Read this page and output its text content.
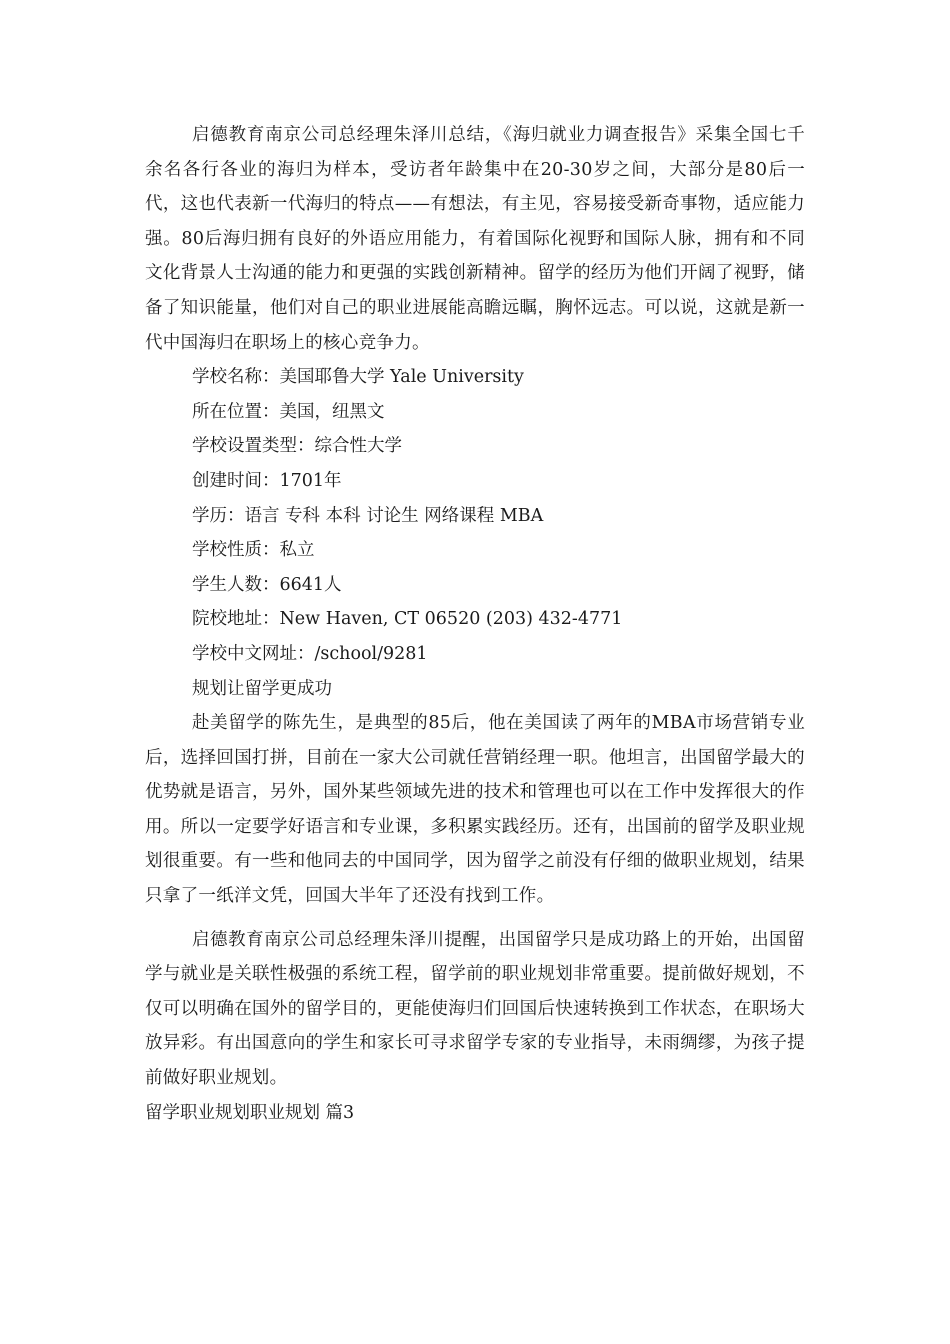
启德教育南京公司总经理朱泽川总结，《海归就业力调查报告》采集全国七千余名各行各业的海归为样本，受访者年龄集中在20-30岁之间，大部分是80后一代，这也代表新一代海归的特点——有想法，有主见，容易接受新奇事物，适应能力强。80后海归拥有良好的外语应用能力，有着国际化视野和国际人脉，拥有和不同文化背景人士沟通的能力和更强的实践创新精神。留学的经历为他们开阔了视野，储备了知识能量，他们对自己的职业进展能高瞻远瞩，胸怀远志。可以说，这就是新一代中国海归在职场上的核心竞争力。

学校名称：美国耶鲁大学 Yale University

所在位置：美国，纽黑文

学校设置类型：综合性大学

创建时间：1701年

学历：语言 专科 本科 讨论生 网络课程 MBA

学校性质：私立

学生人数：6641人

院校地址：New Haven, CT 06520 (203) 432-4771

学校中文网址：/school/9281

规划让留学更成功

赴美留学的陈先生，是典型的85后，他在美国读了两年的MBA市场营销专业后，选择回国打拼，目前在一家大公司就任营销经理一职。他坦言，出国留学最大的优势就是语言，另外，国外某些领域先进的技术和管理也可以在工作中发挥很大的作用。所以一定要学好语言和专业课，多积累实践经历。还有，出国前的留学及职业规划很重要。有一些和他同去的中国同学，因为留学之前没有仔细的做职业规划，结果只拿了一纸洋文凭，回国大半年了还没有找到工作。

启德教育南京公司总经理朱泽川提醒，出国留学只是成功路上的开始，出国留学与就业是关联性极强的系统工程，留学前的职业规划非常重要。提前做好规划，不仅可以明确在国外的留学目的，更能使海归们回国后快速转换到工作状态，在职场大放异彩。有出国意向的学生和家长可寻求留学专家的专业指导，未雨绸缪，为孩子提前做好职业规划。

留学职业规划职业规划 篇3
